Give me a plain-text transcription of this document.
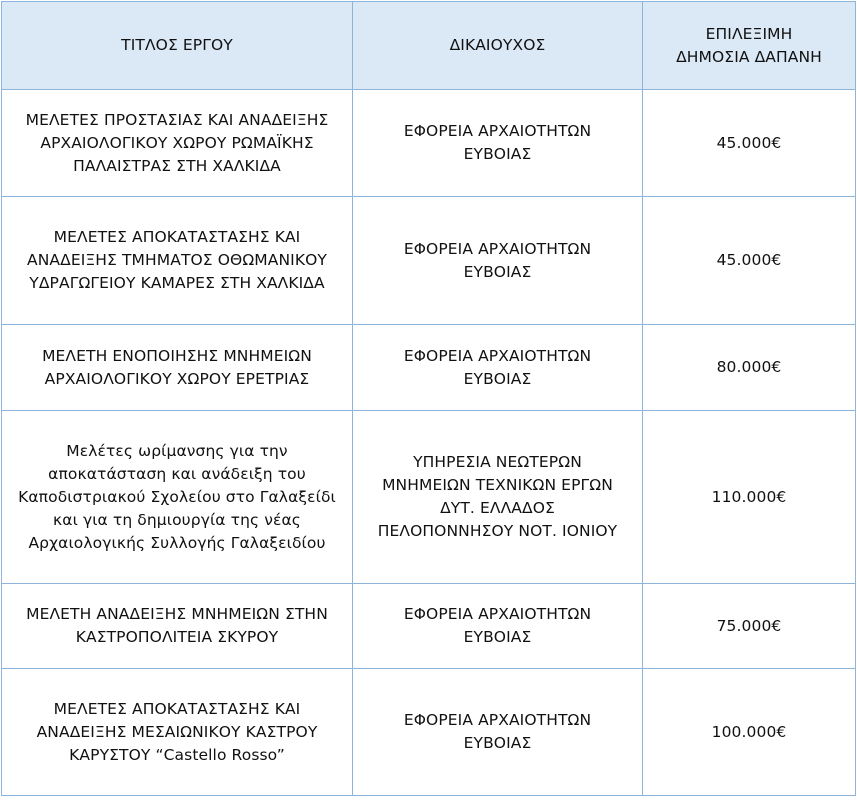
ΤΙΤΛΟΣ ΕΡΓΟΥ	ΔΙΚΑΙΟΥΧΟΣ	ΕΠΙΛΕΞΙΜΗ ΔΗΜΟΣΙΑ ΔΑΠΑΝΗ

ΜΕΛΕΤΕΣ ΠΡΟΣΤΑΣΙΑΣ ΚΑΙ ΑΝΑΔΕΙΞΗΣ ΑΡΧΑΙΟΛΟΓΙΚΟΥ ΧΩΡΟΥ ΡΩΜΑΪΚΗΣ ΠΑΛΑΙΣΤΡΑΣ ΣΤΗ ΧΑΛΚΙΔΑ	ΕΦΟΡΕΙΑ ΑΡΧΑΙΟΤΗΤΩΝ ΕΥΒΟΙΑΣ	45.000€

ΜΕΛΕΤΕΣ ΑΠΟΚΑΤΑΣΤΑΣΗΣ ΚΑΙ ΑΝΑΔΕΙΞΗΣ ΤΜΗΜΑΤΟΣ ΟΘΩΜΑΝΙΚΟΥ ΥΔΡΑΓΩΓΕΙΟΥ ΚΑΜΑΡΕΣ ΣΤΗ ΧΑΛΚΙΔΑ	ΕΦΟΡΕΙΑ ΑΡΧΑΙΟΤΗΤΩΝ ΕΥΒΟΙΑΣ	45.000€

ΜΕΛΕΤΗ ΕΝΟΠΟΙΗΣΗΣ ΜΝΗΜΕΙΩΝ ΑΡΧΑΙΟΛΟΓΙΚΟΥ ΧΩΡΟΥ ΕΡΕΤΡΙΑΣ	ΕΦΟΡΕΙΑ ΑΡΧΑΙΟΤΗΤΩΝ ΕΥΒΟΙΑΣ	80.000€

Μελέτες ωρίμανσης για την αποκατάσταση και ανάδειξη του Καποδιστριακού Σχολείου στο Γαλαξείδι και για τη δημιουργία της νέας Αρχαιολογικής Συλλογής Γαλαξειδίου	ΥΠΗΡΕΣΙΑ ΝΕΩΤΕΡΩΝ ΜΝΗΜΕΙΩΝ ΤΕΧΝΙΚΩΝ ΕΡΓΩΝ ΔΥΤ. ΕΛΛΑΔΟΣ ΠΕΛΟΠΟΝΝΗΣΟΥ ΝΟΤ. ΙΟΝΙΟΥ	110.000€

ΜΕΛΕΤΗ ΑΝΑΔΕΙΞΗΣ ΜΝΗΜΕΙΩΝ ΣΤΗΝ ΚΑΣΤΡΟΠΟΛΙΤΕΙΑ ΣΚΥΡΟΥ	ΕΦΟΡΕΙΑ ΑΡΧΑΙΟΤΗΤΩΝ ΕΥΒΟΙΑΣ	75.000€

ΜΕΛΕΤΕΣ ΑΠΟΚΑΤΑΣΤΑΣΗΣ ΚΑΙ ΑΝΑΔΕΙΞΗΣ ΜΕΣΑΙΩΝΙΚΟΥ ΚΑΣΤΡΟΥ ΚΑΡΥΣΤΟΥ “Castello Rosso”	ΕΦΟΡΕΙΑ ΑΡΧΑΙΟΤΗΤΩΝ ΕΥΒΟΙΑΣ	100.000€
